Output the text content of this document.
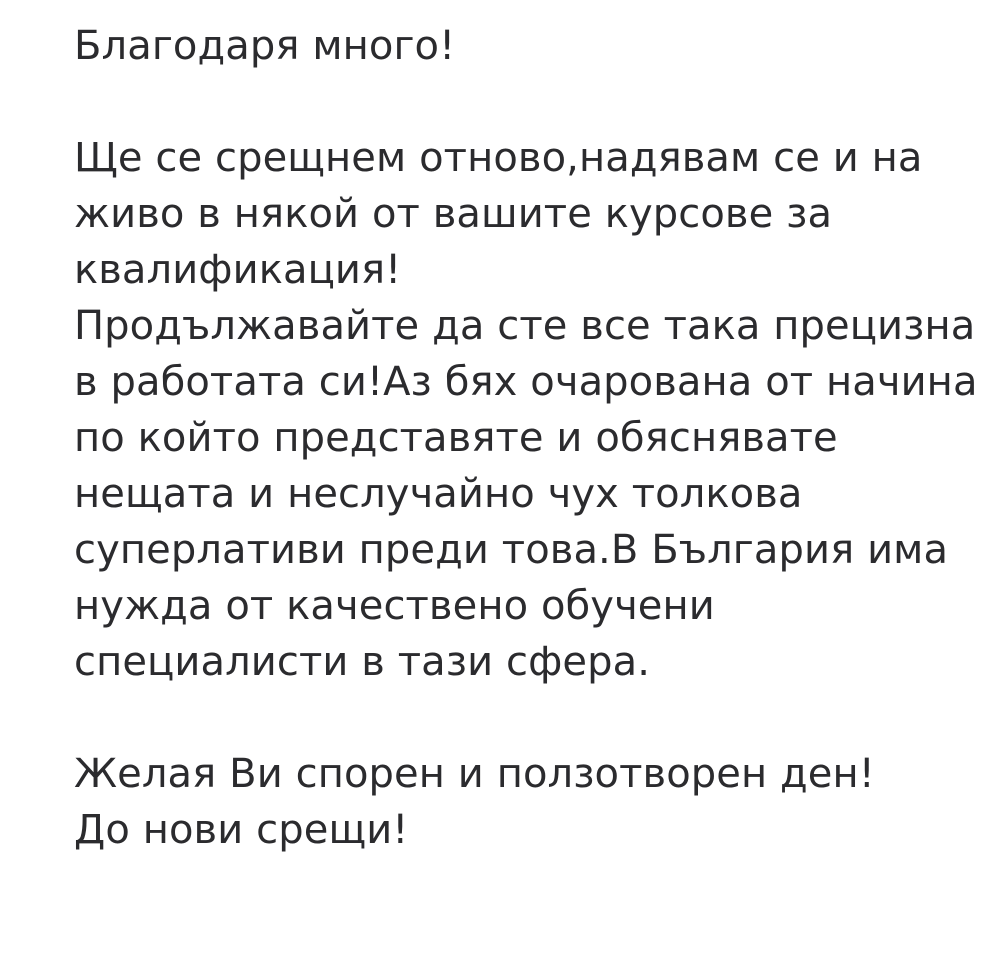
Благодаря много!
Ще се срещнем отново,надявам се и на живо в някой от вашите курсове за квалификация!
Продължавайте да сте все така прецизна в работата си!Аз бях очарована от начина по който представяте и обяснявате нещата и неслучайно чух толкова суперлативи преди това.В България има нужда от качествено обучени специалисти в тази сфера.
Желая Ви спорен и ползотворен ден!
До нови срещи!
